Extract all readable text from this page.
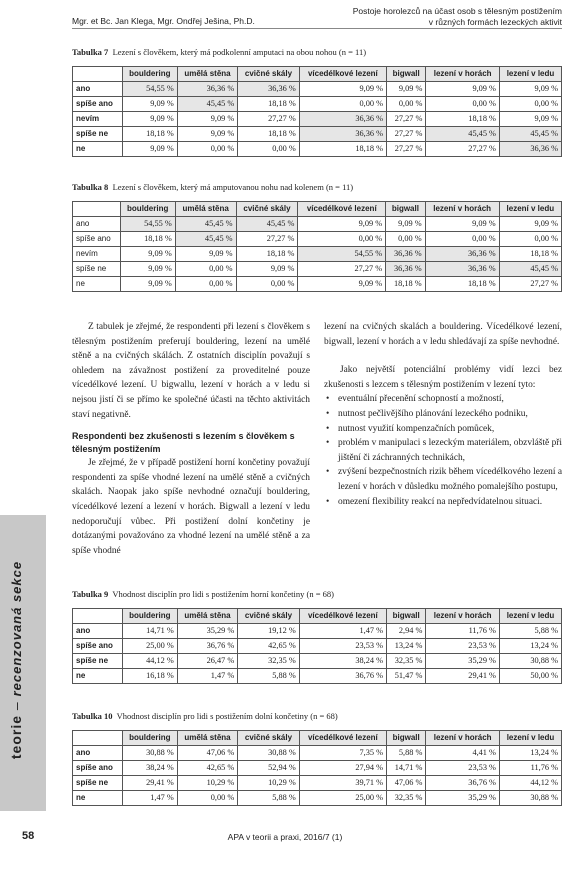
Mgr. et Bc. Jan Klega, Mgr. Ondřej Ješina, Ph.D.
Postoje horolezců na účast osob s tělesným postižením
v různých formách lezeckých aktivit
teorie – recenzovaná sekce
Tabulka 7 Lezení s člověkem, který má podkolenní amputaci na obou nohou (n = 11)
	bouldering	umělá stěna	cvičné skály	vícedélkové lezení	bigwall	lezení v horách	lezení v ledu
ano	54,55 %	36,36 %	36,36 %	9,09 %	9,09 %	9,09 %	9,09 %
spíše ano	9,09 %	45,45 %	18,18 %	0,00 %	0,00 %	0,00 %	0,00 %
nevím	9,09 %	9,09 %	27,27 %	36,36 %	27,27 %	18,18 %	9,09 %
spíše ne	18,18 %	9,09 %	18,18 %	36,36 %	27,27 %	45,45 %	45,45 %
ne	9,09 %	0,00 %	0,00 %	18,18 %	27,27 %	27,27 %	36,36 %
Tabulka 8 Lezení s člověkem, který má amputovanou nohu nad kolenem (n = 11)
	bouldering	umělá stěna	cvičné skály	vícedélkové lezení	bigwall	lezení v horách	lezení v ledu
ano	54,55 %	45,45 %	45,45 %	9,09 %	9,09 %	9,09 %	9,09 %
spíše ano	18,18 %	45,45 %	27,27 %	0,00 %	0,00 %	0,00 %	0,00 %
nevím	9,09 %	9,09 %	18,18 %	54,55 %	36,36 %	36,36 %	18,18 %
spíše ne	9,09 %	0,00 %	9,09 %	27,27 %	36,36 %	36,36 %	45,45 %
ne	9,09 %	0,00 %	0,00 %	9,09 %	18,18 %	18,18 %	27,27 %

Z tabulek je zřejmé, že respondenti při lezení s člověkem s tělesným postižením preferují bouldering, lezení na umělé stěně a na cvičných skálách. Z ostatních disciplín považují s ohledem na závažnost postižení za proveditelné pouze vícedélkové lezení. U bigwallu, lezení v horách a v ledu si nejsou jistí či se přímo ke společné účasti na těchto aktivitách staví negativně.

Respondenti bez zkušenosti s lezením s člověkem s tělesným postižením

Je zřejmé, že v případě postižení horní končetiny považují respondenti za spíše vhodné lezení na umělé stěně a cvičných skalách. Naopak jako spíše nevhodné označují bouldering, vícedélkové lezení a lezení v horách. Bigwall a lezení v ledu nedoporučují vůbec. Při postižení dolní končetiny je dotázanými považováno za vhodné lezení na umělé stěně a za spíše vhodné

lezení na cvičných skalách a bouldering. Vícedélkové lezení, bigwall, lezení v horách a v ledu shledávají za spíše nevhodné.

Jako největší potenciální problémy vidí lezci bez zkušenosti s lezcem s tělesným postižením v lezení tyto:

• eventuální přecenění schopností a možností,
• nutnost pečlivějšího plánování lezeckého podniku,
• nutnost využití kompenzačních pomůcek,
• problém v manipulaci s lezeckým materiálem, obzvláště při jištění či záchranných technikách,
• zvýšení bezpečnostních rizik během vícedélkového lezení a lezení v horách v důsledku možného pomalejšího postupu,
• omezení flexibility reakcí na nepředvídatelnou situaci.
Tabulka 9 Vhodnost disciplín pro lidi s postižením horní končetiny (n = 68)
	bouldering	umělá stěna	cvičné skály	vícedélkové lezení	bigwall	lezení v horách	lezení v ledu
ano	14,71 %	35,29 %	19,12 %	1,47 %	2,94 %	11,76 %	5,88 %
spíše ano	25,00 %	36,76 %	42,65 %	23,53 %	13,24 %	23,53 %	13,24 %
spíše ne	44,12 %	26,47 %	32,35 %	38,24 %	32,35 %	35,29 %	30,88 %
ne	16,18 %	1,47 %	5,88 %	36,76 %	51,47 %	29,41 %	50,00 %
Tabulka 10 Vhodnost disciplín pro lidi s postižením dolní končetiny (n = 68)
	bouldering	umělá stěna	cvičné skály	vícedélkové lezení	bigwall	lezení v horách	lezení v ledu
ano	30,88 %	47,06 %	30,88 %	7,35 %	5,88 %	4,41 %	13,24 %
spíše ano	38,24 %	42,65 %	52,94 %	27,94 %	14,71 %	23,53 %	11,76 %
spíše ne	29,41 %	10,29 %	10,29 %	39,71 %	47,06 %	36,76 %	44,12 %
ne	1,47 %	0,00 %	5,88 %	25,00 %	32,35 %	35,29 %	30,88 %
58	APA v teorii a praxi, 2016/7 (1)
